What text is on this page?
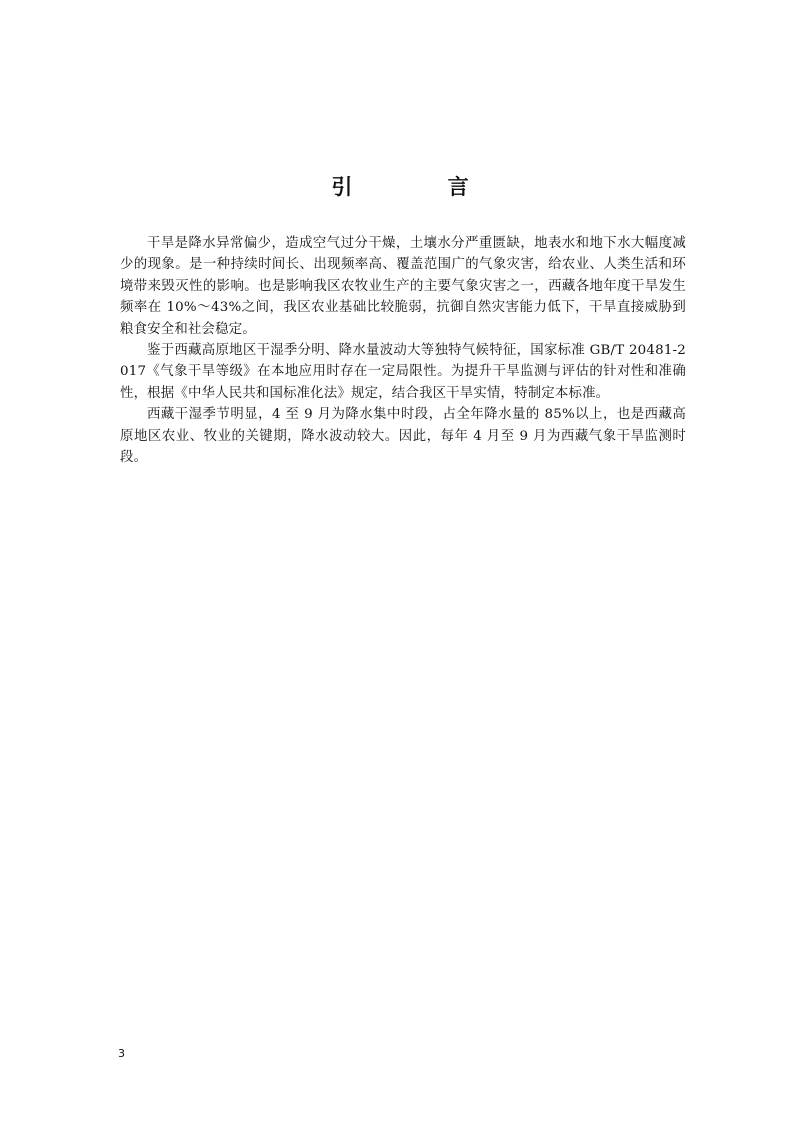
引 言

干旱是降水异常偏少，造成空气过分干燥，土壤水分严重匮缺，地表水和地下水大幅度减少的现象。是一种持续时间长、出现频率高、覆盖范围广的气象灾害，给农业、人类生活和环境带来毁灭性的影响。也是影响我区农牧业生产的主要气象灾害之一，西藏各地年度干旱发生频率在 10%～43%之间，我区农业基础比较脆弱，抗御自然灾害能力低下，干旱直接威胁到粮食安全和社会稳定。

鉴于西藏高原地区干湿季分明、降水量波动大等独特气候特征，国家标准 GB/T 20481-2017《气象干旱等级》在本地应用时存在一定局限性。为提升干旱监测与评估的针对性和准确性，根据《中华人民共和国标准化法》规定，结合我区干旱实情，特制定本标准。

西藏干湿季节明显，4 至 9 月为降水集中时段，占全年降水量的 85%以上，也是西藏高原地区农业、牧业的关键期，降水波动较大。因此，每年 4 月至 9 月为西藏气象干旱监测时段。

3
